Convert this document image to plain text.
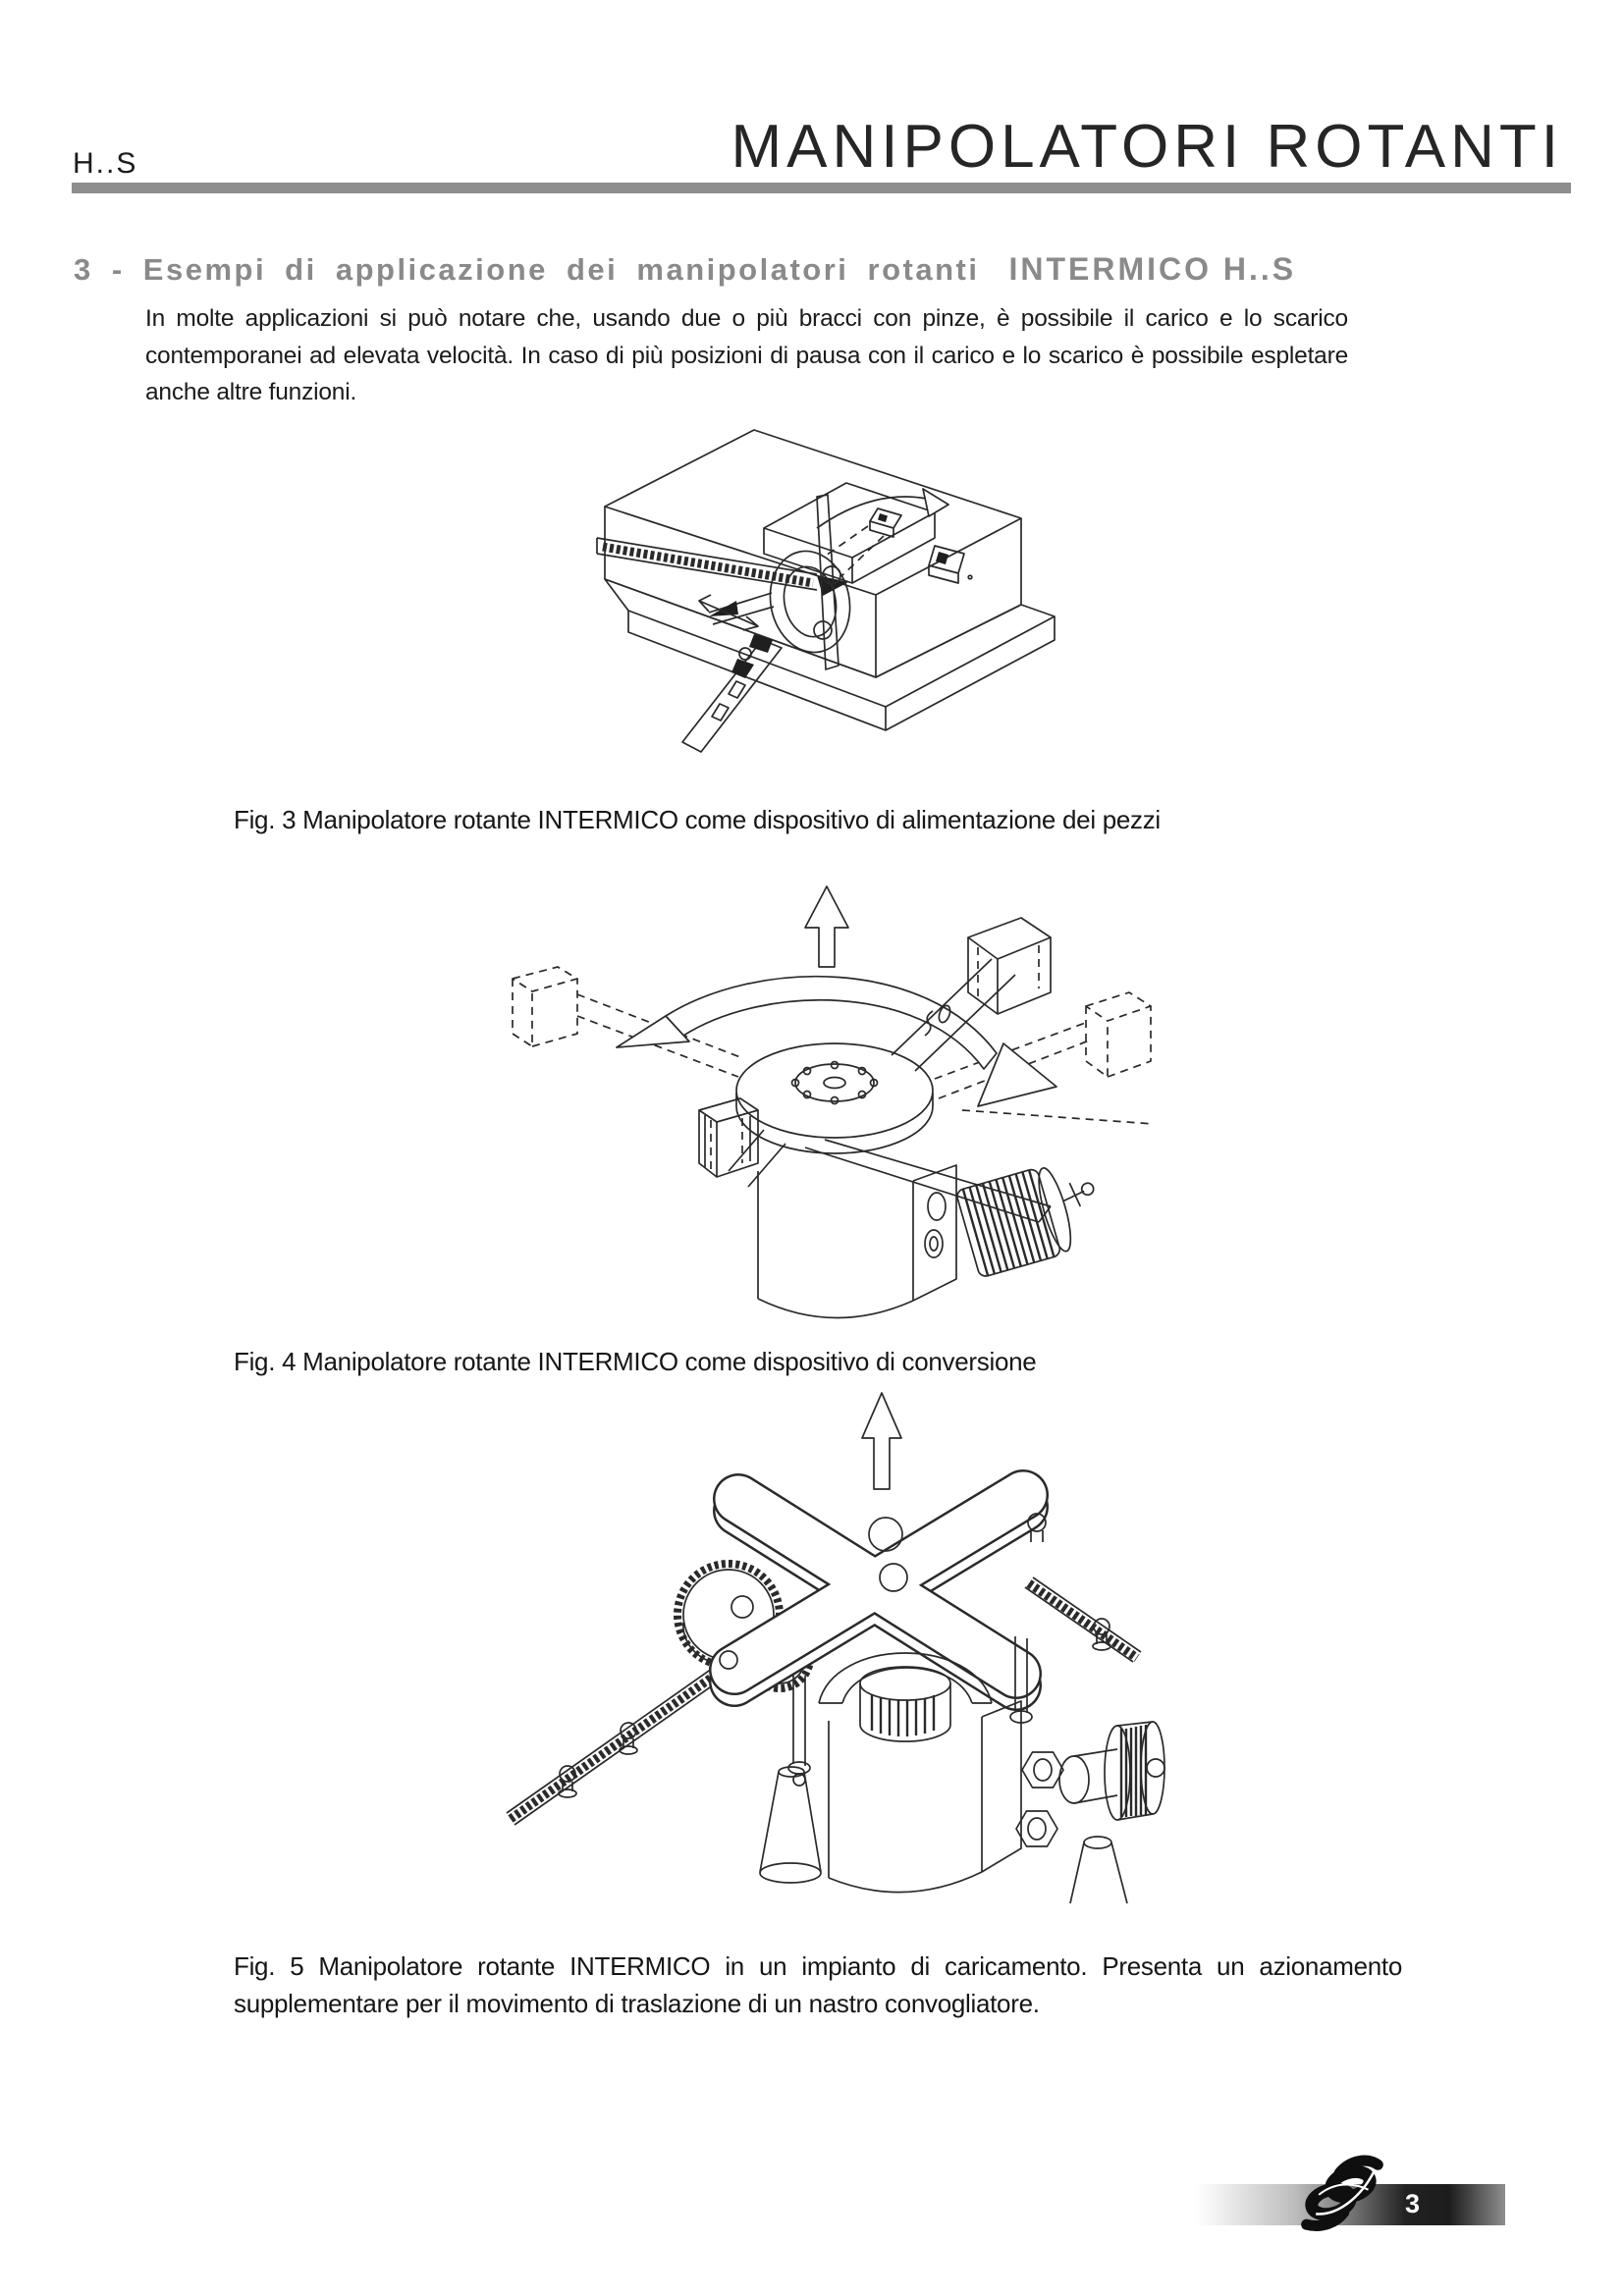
H..S	MANIPOLATORI ROTANTI
3 - Esempi di applicazione dei manipolatori rotanti INTERMICO H..S
In molte applicazioni si può notare che, usando due o più bracci con pinze, è possibile il carico e lo scarico contemporanei ad elevata velocità. In caso di più posizioni di pausa con il carico e lo scarico è possibile espletare anche altre funzioni.
Fig. 3 Manipolatore rotante INTERMICO come dispositivo di alimentazione dei pezzi
Fig. 4 Manipolatore rotante INTERMICO come dispositivo di conversione
Fig. 5 Manipolatore rotante INTERMICO in un impianto di caricamento. Presenta un azionamento supplementare per il movimento di traslazione di un nastro convogliatore.
3
